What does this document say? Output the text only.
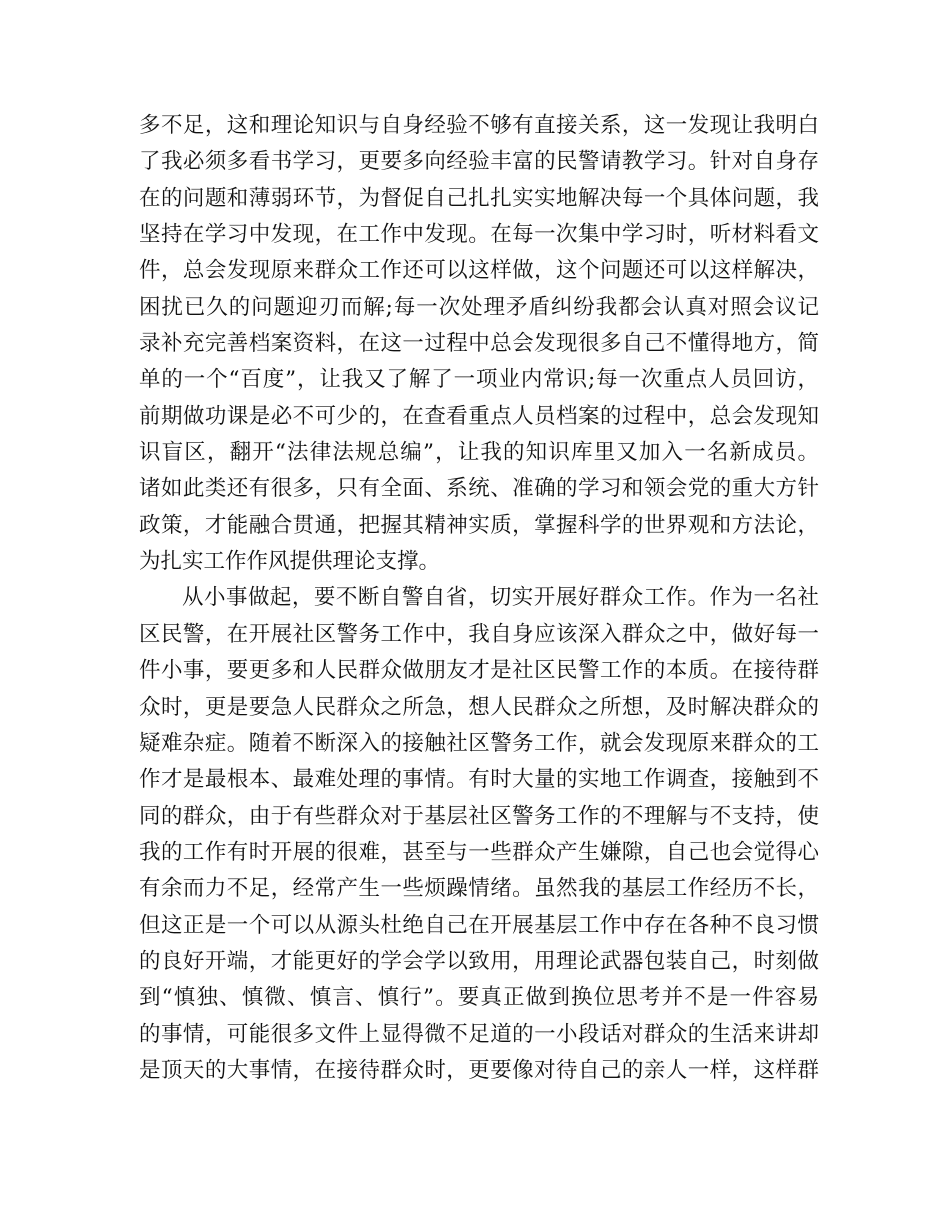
多不足，这和理论知识与自身经验不够有直接关系，这一发现让我明白
了我必须多看书学习，更要多向经验丰富的民警请教学习。针对自身存
在的问题和薄弱环节，为督促自己扎扎实实地解决每一个具体问题，我
坚持在学习中发现，在工作中发现。在每一次集中学习时，听材料看文
件，总会发现原来群众工作还可以这样做，这个问题还可以这样解决，
困扰已久的问题迎刃而解;每一次处理矛盾纠纷我都会认真对照会议记
录补充完善档案资料，在这一过程中总会发现很多自己不懂得地方，简
单的一个“百度”，让我又了解了一项业内常识;每一次重点人员回访，
前期做功课是必不可少的，在查看重点人员档案的过程中，总会发现知
识盲区，翻开“法律法规总编”，让我的知识库里又加入一名新成员。
诸如此类还有很多，只有全面、系统、准确的学习和领会党的重大方针
政策，才能融合贯通，把握其精神实质，掌握科学的世界观和方法论，
为扎实工作作风提供理论支撑。
从小事做起，要不断自警自省，切实开展好群众工作。作为一名社
区民警，在开展社区警务工作中，我自身应该深入群众之中，做好每一
件小事，要更多和人民群众做朋友才是社区民警工作的本质。在接待群
众时，更是要急人民群众之所急，想人民群众之所想，及时解决群众的
疑难杂症。随着不断深入的接触社区警务工作，就会发现原来群众的工
作才是最根本、最难处理的事情。有时大量的实地工作调查，接触到不
同的群众，由于有些群众对于基层社区警务工作的不理解与不支持，使
我的工作有时开展的很难，甚至与一些群众产生嫌隙，自己也会觉得心
有余而力不足，经常产生一些烦躁情绪。虽然我的基层工作经历不长，
但这正是一个可以从源头杜绝自己在开展基层工作中存在各种不良习惯
的良好开端，才能更好的学会学以致用，用理论武器包装自己，时刻做
到“慎独、慎微、慎言、慎行”。要真正做到换位思考并不是一件容易
的事情，可能很多文件上显得微不足道的一小段话对群众的生活来讲却
是顶天的大事情，在接待群众时，更要像对待自己的亲人一样，这样群
